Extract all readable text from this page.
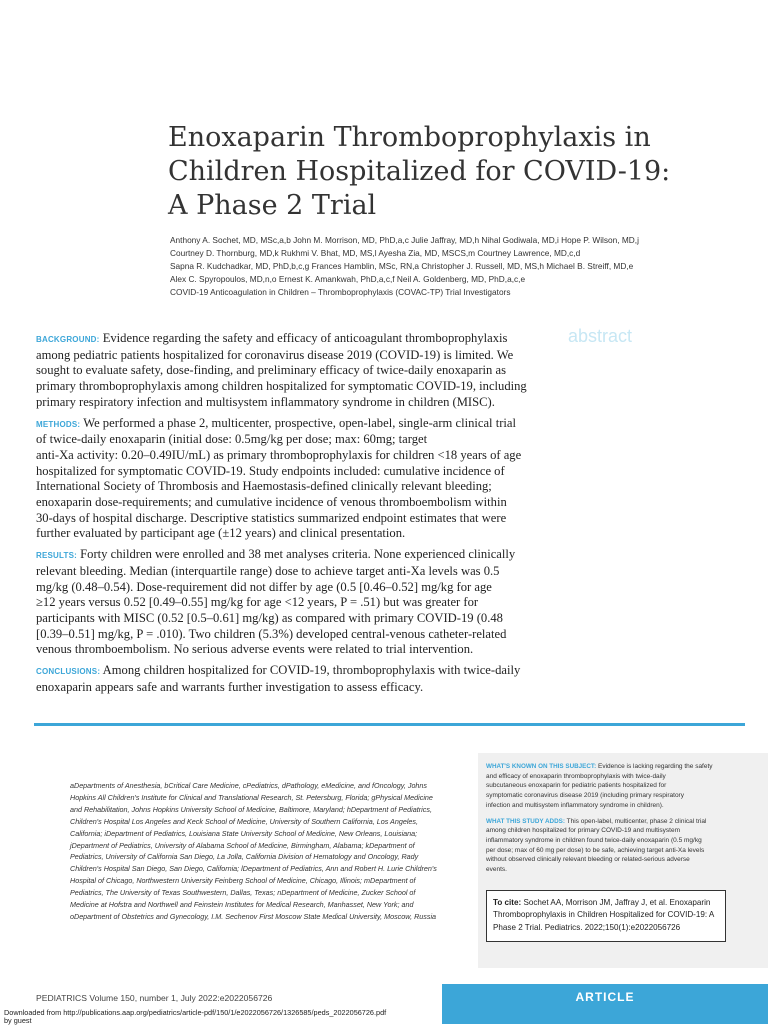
Enoxaparin Thromboprophylaxis in
Children Hospitalized for COVID-19:
A Phase 2 Trial
Anthony A. Sochet, MD, MSc,a,b John M. Morrison, MD, PhD,a,c Julie Jaffray, MD,h Nihal Godiwala, MD,i Hope P. Wilson, MD,j
Courtney D. Thornburg, MD,k Rukhmi V. Bhat, MD, MS,l Ayesha Zia, MD, MSCS,m Courtney Lawrence, MD,c,d
Sapna R. Kudchadkar, MD, PhD,b,c,g Frances Hamblin, MSc, RN,a Christopher J. Russell, MD, MS,h Michael B. Streiff, MD,e
Alex C. Spyropoulos, MD,n,o Ernest K. Amankwah, PhD,a,c,f Neil A. Goldenberg, MD, PhD,a,c,e
COVID-19 Anticoagulation in Children – Thromboprophylaxis (COVAC-TP) Trial Investigators
abstract

BACKGROUND: Evidence regarding the safety and efficacy of anticoagulant thromboprophylaxis
among pediatric patients hospitalized for coronavirus disease 2019 (COVID-19) is limited. We
sought to evaluate safety, dose-finding, and preliminary efficacy of twice-daily enoxaparin as
primary thromboprophylaxis among children hospitalized for symptomatic COVID-19, including
primary respiratory infection and multisystem inflammatory syndrome in children (MISC).

METHODS: We performed a phase 2, multicenter, prospective, open-label, single-arm clinical trial
of twice-daily enoxaparin (initial dose: 0.5mg/kg per dose; max: 60mg; target
anti-Xa activity: 0.20–0.49IU/mL) as primary thromboprophylaxis for children <18 years of age
hospitalized for symptomatic COVID-19. Study endpoints included: cumulative incidence of
International Society of Thrombosis and Haemostasis-defined clinically relevant bleeding;
enoxaparin dose-requirements; and cumulative incidence of venous thromboembolism within
30-days of hospital discharge. Descriptive statistics summarized endpoint estimates that were
further evaluated by participant age (±12 years) and clinical presentation.

RESULTS: Forty children were enrolled and 38 met analyses criteria. None experienced clinically
relevant bleeding. Median (interquartile range) dose to achieve target anti-Xa levels was 0.5
mg/kg (0.48–0.54). Dose-requirement did not differ by age (0.5 [0.46–0.52] mg/kg for age
≥12 years versus 0.52 [0.49–0.55] mg/kg for age <12 years, P = .51) but was greater for
participants with MISC (0.52 [0.5–0.61] mg/kg) as compared with primary COVID-19 (0.48
[0.39–0.51] mg/kg, P = .010). Two children (5.3%) developed central-venous catheter-related
venous thromboembolism. No serious adverse events were related to trial intervention.

CONCLUSIONS: Among children hospitalized for COVID-19, thromboprophylaxis with twice-daily
enoxaparin appears safe and warrants further investigation to assess efficacy.

aDepartments of Anesthesia, bCritical Care Medicine, cPediatrics, dPathology, eMedicine, and fOncology, Johns
Hopkins All Children's Institute for Clinical and Translational Research, St. Petersburg, Florida; gPhysical Medicine
and Rehabilitation, Johns Hopkins University School of Medicine, Baltimore, Maryland; hDepartment of Pediatrics,
Children's Hospital Los Angeles and Keck School of Medicine, University of Southern California, Los Angeles,
California; iDepartment of Pediatrics, Louisiana State University School of Medicine, New Orleans, Louisiana;
jDepartment of Pediatrics, University of Alabama School of Medicine, Birmingham, Alabama; kDepartment of
Pediatrics, University of California San Diego, La Jolla, California Division of Hematology and Oncology, Rady
Children's Hospital San Diego, San Diego, California; lDepartment of Pediatrics, Ann and Robert H. Lurie Children's
Hospital of Chicago, Northwestern University Feinberg School of Medicine, Chicago, Illinois; mDepartment of
Pediatrics, The University of Texas Southwestern, Dallas, Texas; nDepartment of Medicine, Zucker School of
Medicine at Hofstra and Northwell and Feinstein Institutes for Medical Research, Manhasset, New York; and
oDepartment of Obstetrics and Gynecology, I.M. Sechenov First Moscow State Medical University, Moscow, Russia

WHAT'S KNOWN ON THIS SUBJECT: Evidence is lacking regarding the safety
and efficacy of enoxaparin thromboprophylaxis with twice-daily
subcutaneous enoxaparin for pediatric patients hospitalized for
symptomatic coronavirus disease 2019 (including primary respiratory
infection and multisystem inflammatory syndrome in children).

WHAT THIS STUDY ADDS: This open-label, multicenter, phase 2 clinical trial
among children hospitalized for primary COVID-19 and multisystem
inflammatory syndrome in children found twice-daily enoxaparin (0.5 mg/kg
per dose; max of 60 mg per dose) to be safe, achieving target anti-Xa levels
without observed clinically relevant bleeding or related-serious adverse
events.

To cite: Sochet AA, Morrison JM, Jaffray J, et al. Enoxaparin
Thromboprophylaxis in Children Hospitalized for COVID-19: A
Phase 2 Trial. Pediatrics. 2022;150(1):e2022056726
PEDIATRICS Volume 150, number 1, July 2022:e2022056726	ARTICLE
Downloaded from http://publications.aap.org/pediatrics/article-pdf/150/1/e2022056726/1326585/peds_2022056726.pdf
by guest
